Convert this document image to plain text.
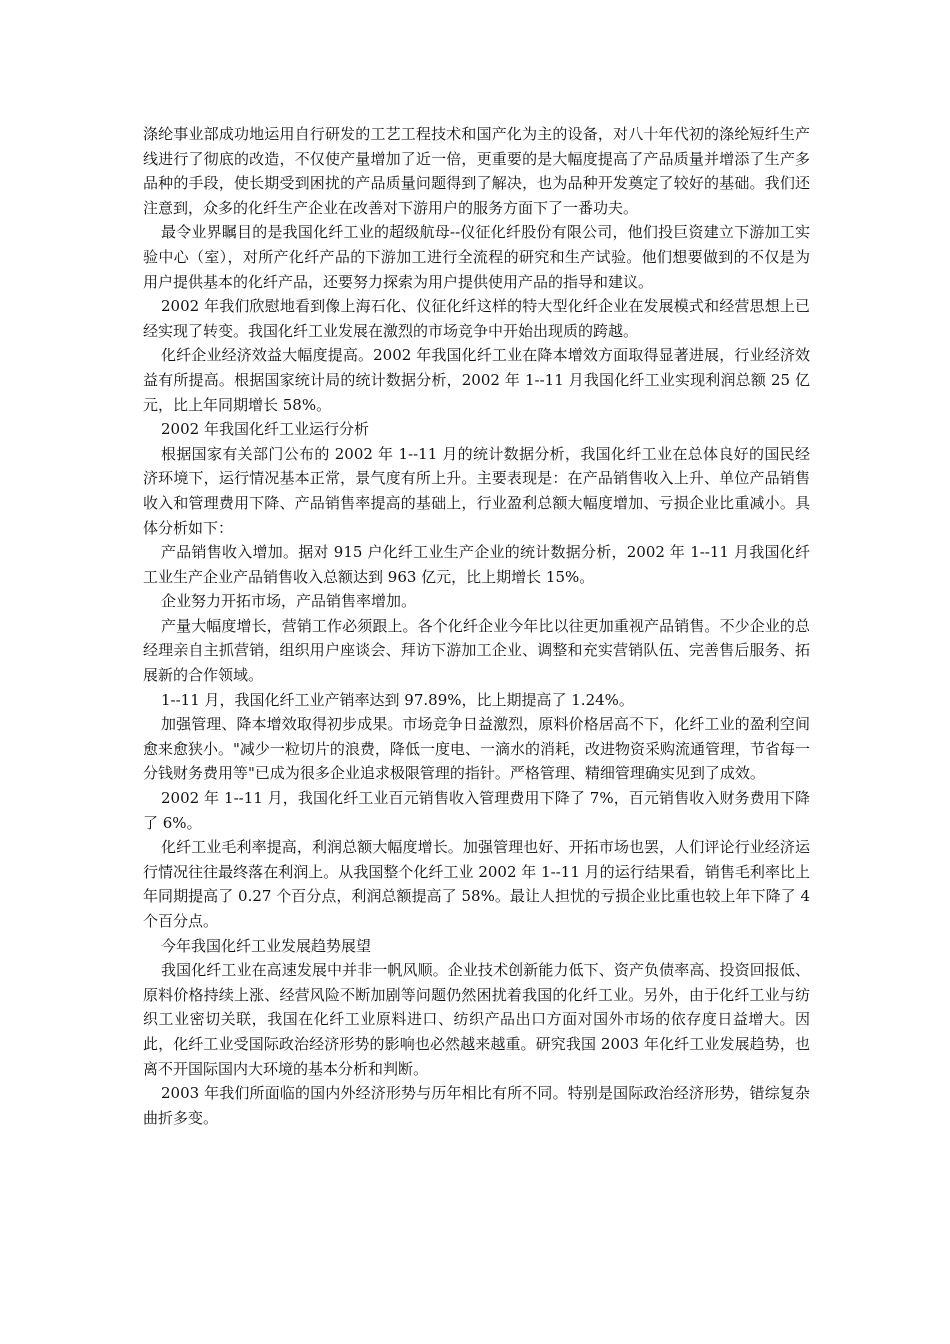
涤纶事业部成功地运用自行研发的工艺工程技术和国产化为主的设备，对八十年代初的涤纶短纤生产线进行了彻底的改造，不仅使产量增加了近一倍，更重要的是大幅度提高了产品质量并增添了生产多品种的手段，使长期受到困扰的产品质量问题得到了解决，也为品种开发奠定了较好的基础。我们还注意到，众多的化纤生产企业在改善对下游用户的服务方面下了一番功夫。

最令业界瞩目的是我国化纤工业的超级航母--仪征化纤股份有限公司，他们投巨资建立下游加工实验中心（室），对所产化纤产品的下游加工进行全流程的研究和生产试验。他们想要做到的不仅是为用户提供基本的化纤产品，还要努力探索为用户提供使用产品的指导和建议。

2002 年我们欣慰地看到像上海石化、仪征化纤这样的特大型化纤企业在发展模式和经营思想上已经实现了转变。我国化纤工业发展在激烈的市场竞争中开始出现质的跨越。

化纤企业经济效益大幅度提高。2002 年我国化纤工业在降本增效方面取得显著进展，行业经济效益有所提高。根据国家统计局的统计数据分析，2002 年 1--11 月我国化纤工业实现利润总额 25 亿元，比上年同期增长 58%。

2002 年我国化纤工业运行分析

根据国家有关部门公布的 2002 年 1--11 月的统计数据分析，我国化纤工业在总体良好的国民经济环境下，运行情况基本正常，景气度有所上升。主要表现是：在产品销售收入上升、单位产品销售收入和管理费用下降、产品销售率提高的基础上，行业盈利总额大幅度增加、亏损企业比重减小。具体分析如下：

产品销售收入增加。据对 915 户化纤工业生产企业的统计数据分析，2002 年 1--11 月我国化纤工业生产企业产品销售收入总额达到 963 亿元，比上期增长 15%。

企业努力开拓市场，产品销售率增加。

产量大幅度增长，营销工作必须跟上。各个化纤企业今年比以往更加重视产品销售。不少企业的总经理亲自主抓营销，组织用户座谈会、拜访下游加工企业、调整和充实营销队伍、完善售后服务、拓展新的合作领域。

1--11 月，我国化纤工业产销率达到 97.89%，比上期提高了 1.24%。

加强管理、降本增效取得初步成果。市场竞争日益激烈，原料价格居高不下，化纤工业的盈利空间愈来愈狭小。"减少一粒切片的浪费，降低一度电、一滴水的消耗，改进物资采购流通管理，节省每一分钱财务费用等"已成为很多企业追求极限管理的指针。严格管理、精细管理确实见到了成效。

2002 年 1--11 月，我国化纤工业百元销售收入管理费用下降了 7%，百元销售收入财务费用下降了 6%。

化纤工业毛利率提高，利润总额大幅度增长。加强管理也好、开拓市场也罢，人们评论行业经济运行情况往往最终落在利润上。从我国整个化纤工业 2002 年 1--11 月的运行结果看，销售毛利率比上年同期提高了 0.27 个百分点，利润总额提高了 58%。最让人担忧的亏损企业比重也较上年下降了 4 个百分点。

今年我国化纤工业发展趋势展望

我国化纤工业在高速发展中并非一帆风顺。企业技术创新能力低下、资产负债率高、投资回报低、原料价格持续上涨、经营风险不断加剧等问题仍然困扰着我国的化纤工业。另外，由于化纤工业与纺织工业密切关联，我国在化纤工业原料进口、纺织产品出口方面对国外市场的依存度日益增大。因此，化纤工业受国际政治经济形势的影响也必然越来越重。研究我国 2003 年化纤工业发展趋势，也离不开国际国内大环境的基本分析和判断。

2003 年我们所面临的国内外经济形势与历年相比有所不同。特别是国际政治经济形势，错综复杂曲折多变。
